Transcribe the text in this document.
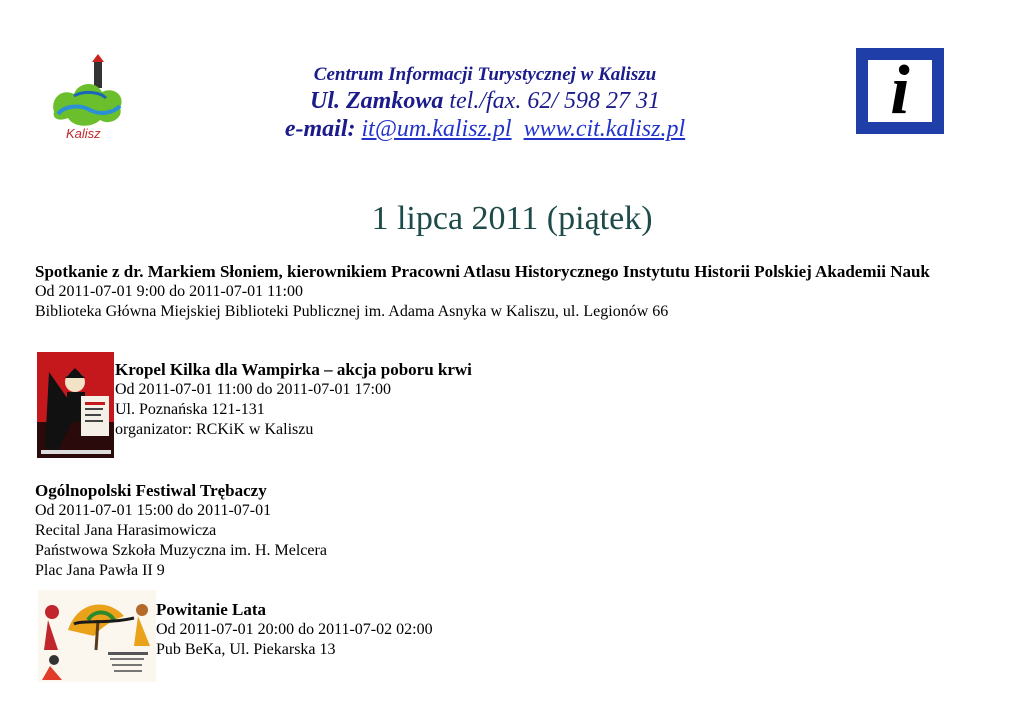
Kalisz
Centrum Informacji Turystycznej w Kaliszu
Ul. Zamkowa tel./fax. 62/ 598 27 31
e-mail: it@um.kalisz.pl www.cit.kalisz.pl	i
1 lipca 2011 (piątek)
Spotkanie z dr. Markiem Słoniem, kierownikiem Pracowni Atlasu Historycznego Instytutu Historii Polskiej Akademii Nauk
Od 2011-07-01 9:00 do 2011-07-01 11:00
Biblioteka Główna Miejskiej Biblioteki Publicznej im. Adama Asnyka w Kaliszu, ul. Legionów 66
Kropel Kilka dla Wampirka – akcja poboru krwi
Od 2011-07-01 11:00 do 2011-07-01 17:00
Ul. Poznańska 121-131
organizator: RCKiK w Kaliszu
Ogólnopolski Festiwal Trębaczy
Od 2011-07-01 15:00 do 2011-07-01
Recital Jana Harasimowicza
Państwowa Szkoła Muzyczna im. H. Melcera
Plac Jana Pawła II 9
Powitanie Lata
Od 2011-07-01 20:00 do 2011-07-02 02:00
Pub BeKa, Ul. Piekarska 13
